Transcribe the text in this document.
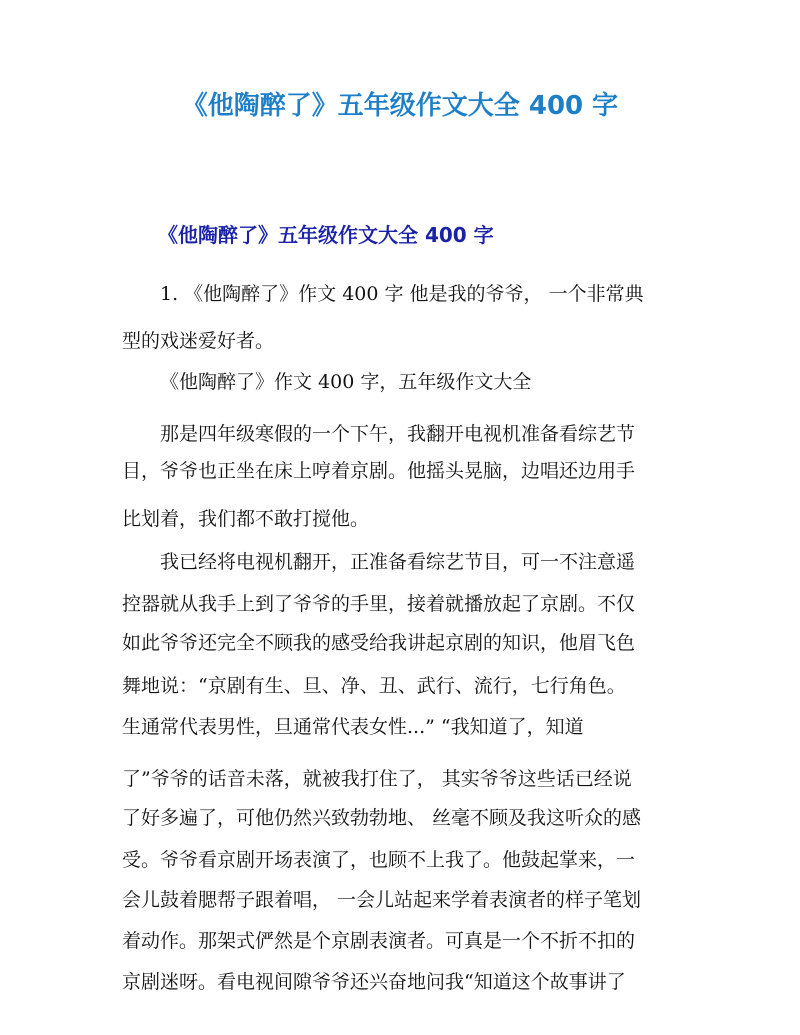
《他陶醉了》五年级作文大全 400 字
《他陶醉了》五年级作文大全 400 字
1. 《他陶醉了》作文 400 字 他是我的爷爷， 一个非常典
型的戏迷爱好者。
《他陶醉了》作文 400 字，五年级作文大全
那是四年级寒假的一个下午，我翻开电视机准备看综艺节
目，爷爷也正坐在床上哼着京剧。他摇头晃脑，边唱还边用手
比划着，我们都不敢打搅他。
我已经将电视机翻开，正准备看综艺节目，可一不注意遥
控器就从我手上到了爷爷的手里，接着就播放起了京剧。不仅
如此爷爷还完全不顾我的感受给我讲起京剧的知识，他眉飞色
舞地说：“京剧有生、旦、净、丑、武行、流行，七行角色。
生通常代表男性，旦通常代表女性...” “我知道了，知道
了”爷爷的话音未落，就被我打住了， 其实爷爷这些话已经说
了好多遍了，可他仍然兴致勃勃地、 丝毫不顾及我这听众的感
受。爷爷看京剧开场表演了，也顾不上我了。他鼓起掌来，一
会儿鼓着腮帮子跟着唱， 一会儿站起来学着表演者的样子笔划
着动作。那架式俨然是个京剧表演者。可真是一个不折不扣的
京剧迷呀。看电视间隙爷爷还兴奋地问我“知道这个故事讲了
